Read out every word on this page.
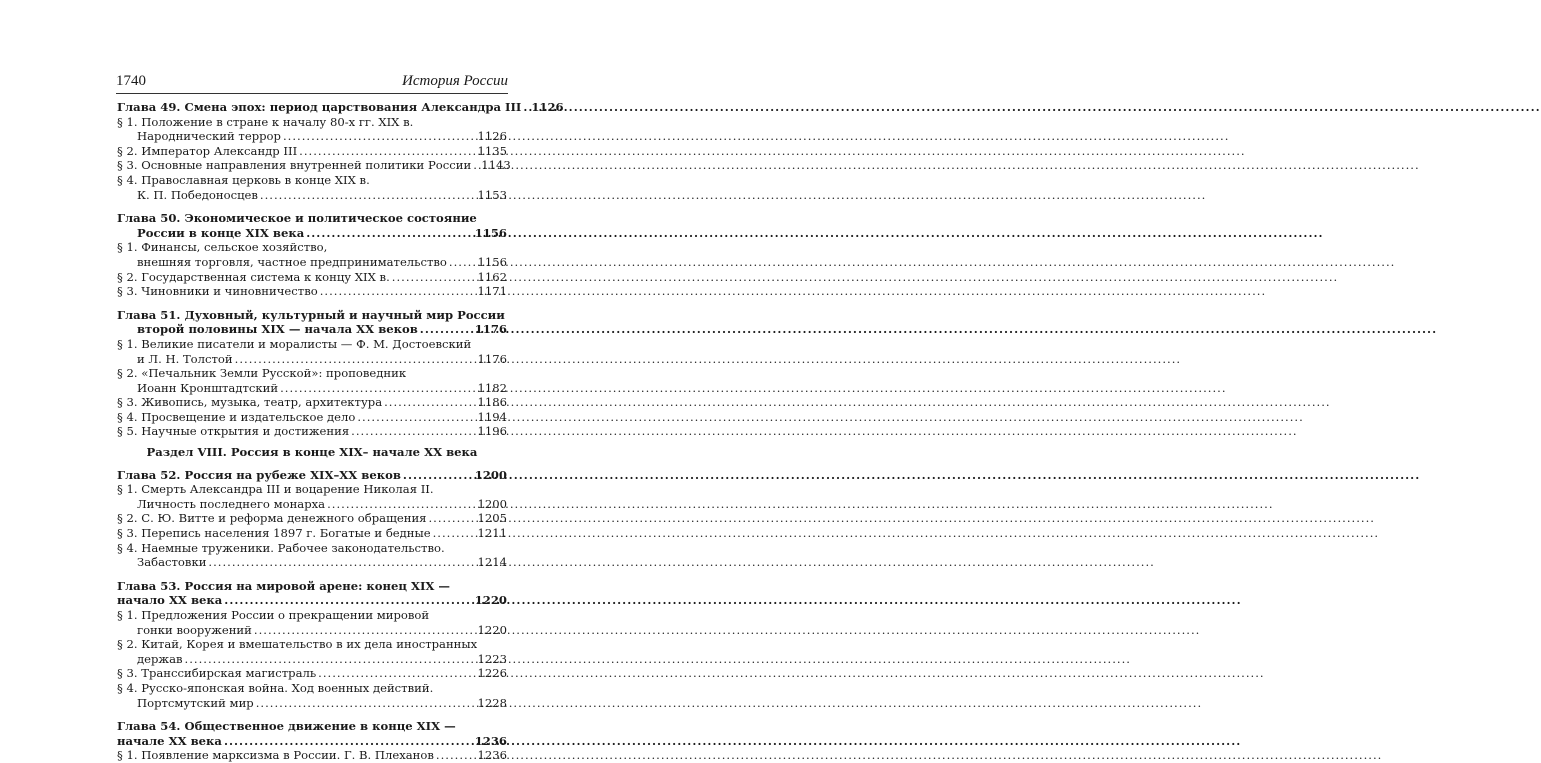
1740	История России
Глава 49. Смена эпох: период царствования Александра III ..... 1126
§ 1. Положение в стране к началу 80-х гг. XIX в.
Народнический террор .....	1126
§ 2. Император Александр III .....	1135
§ 3. Основные направления внутренней политики России ..... 1143
§ 4. Православная церковь в конце XIX в.
К. П. Победоносцев .....	1153
Глава 50. Экономическое и политическое состояние
России в конце XIX века .....	1156
§ 1. Финансы, сельское хозяйство,
внешняя торговля, частное предпринимательство .....	1156
§ 2. Государственная система к концу XIX в. .....	1162
§ 3. Чиновники и чиновничество .....	1171
Глава 51. Духовный, культурный и научный мир России
второй половины XIX — начала XX веков .....	1176
§ 1. Великие писатели и моралисты — Ф. М. Достоевский
и Л. Н. Толстой .....	1176
§ 2. «Печальник Земли Русской»: проповедник
Иоанн Кронштадтский .....	1182
§ 3. Живопись, музыка, театр, архитектура .....	1186
§ 4. Просвещение и издательское дело .....	1194
§ 5. Научные открытия и достижения .....	1196
Раздел VIII. Россия в конце XIX– начале XX века
Глава 52. Россия на рубеже XIX–XX веков .....	1200
§ 1. Смерть Александра III и воцарение Николая II.
Личность последнего монарха .....	1200
§ 2. С. Ю. Витте и реформа денежного обращения .....	1205
§ 3. Перепись населения 1897 г. Богатые и бедные .....	1211
§ 4. Наемные труженики. Рабочее законодательство.
Забастовки .....	1214
Глава 53. Россия на мировой арене: конец XIX —
начало XX века .....	1220
§ 1. Предложения России о прекращении мировой
гонки вооружений .....	1220
§ 2. Китай, Корея и вмешательство в их дела иностранных
держав .....	1223
§ 3. Транссибирская магистраль .....	1226
§ 4. Русско-японская война. Ход военных действий.
Портсмутский мир .....	1228
Глава 54. Общественное движение в конце XIX —
начале XX века .....	1236
§ 1. Появление марксизма в России. Г. В. Плеханов .....	1236
